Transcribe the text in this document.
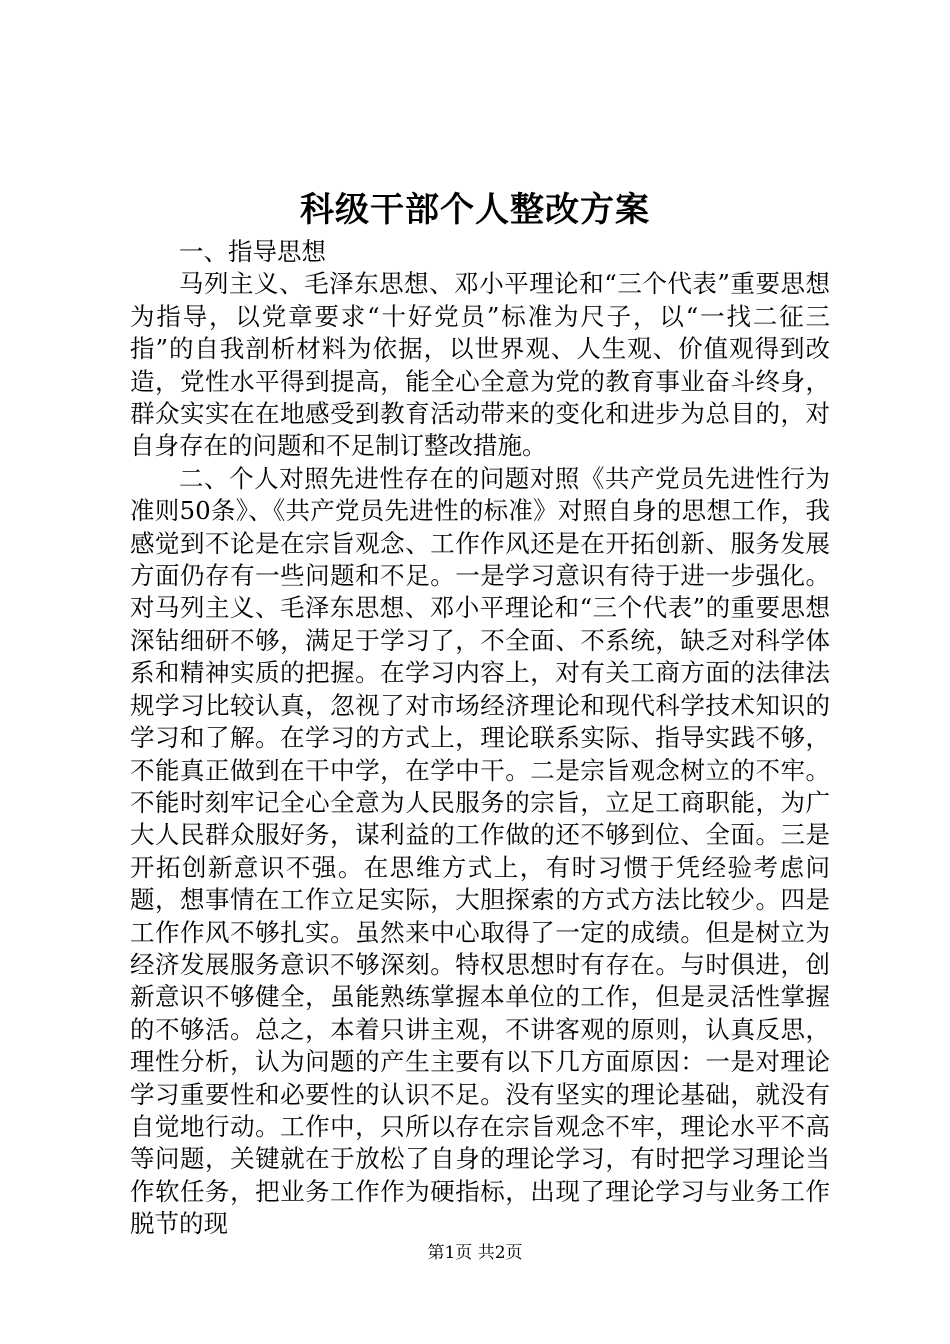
科级干部个人整改方案

一、指导思想

马列主义、毛泽东思想、邓小平理论和“三个代表”重要思想为指导，以党章要求“十好党员”标准为尺子，以“一找二征三指”的自我剖析材料为依据，以世界观、人生观、价值观得到改造，党性水平得到提高，能全心全意为党的教育事业奋斗终身，群众实实在在地感受到教育活动带来的变化和进步为总目的，对自身存在的问题和不足制订整改措施。

二、个人对照先进性存在的问题对照《共产党员先进性行为准则50条》、《共产党员先进性的标准》对照自身的思想工作，我感觉到不论是在宗旨观念、工作作风还是在开拓创新、服务发展方面仍存有一些问题和不足。一是学习意识有待于进一步强化。对马列主义、毛泽东思想、邓小平理论和“三个代表”的重要思想深钻细研不够，满足于学习了，不全面、不系统，缺乏对科学体系和精神实质的把握。在学习内容上，对有关工商方面的法律法规学习比较认真，忽视了对市场经济理论和现代科学技术知识的学习和了解。在学习的方式上，理论联系实际、指导实践不够，不能真正做到在干中学，在学中干。二是宗旨观念树立的不牢。不能时刻牢记全心全意为人民服务的宗旨，立足工商职能，为广大人民群众服好务，谋利益的工作做的还不够到位、全面。三是开拓创新意识不强。在思维方式上，有时习惯于凭经验考虑问题，想事情在工作立足实际，大胆探索的方式方法比较少。四是工作作风不够扎实。虽然来中心取得了一定的成绩。但是树立为经济发展服务意识不够深刻。特权思想时有存在。与时俱进，创新意识不够健全，虽能熟练掌握本单位的工作，但是灵活性掌握的不够活。总之，本着只讲主观，不讲客观的原则，认真反思，理性分析，认为问题的产生主要有以下几方面原因：一是对理论学习重要性和必要性的认识不足。没有坚实的理论基础，就没有自觉地行动。工作中，只所以存在宗旨观念不牢，理论水平不高等问题，关键就在于放松了自身的理论学习，有时把学习理论当作软任务，把业务工作作为硬指标，出现了理论学习与业务工作脱节的现

第1页 共2页
